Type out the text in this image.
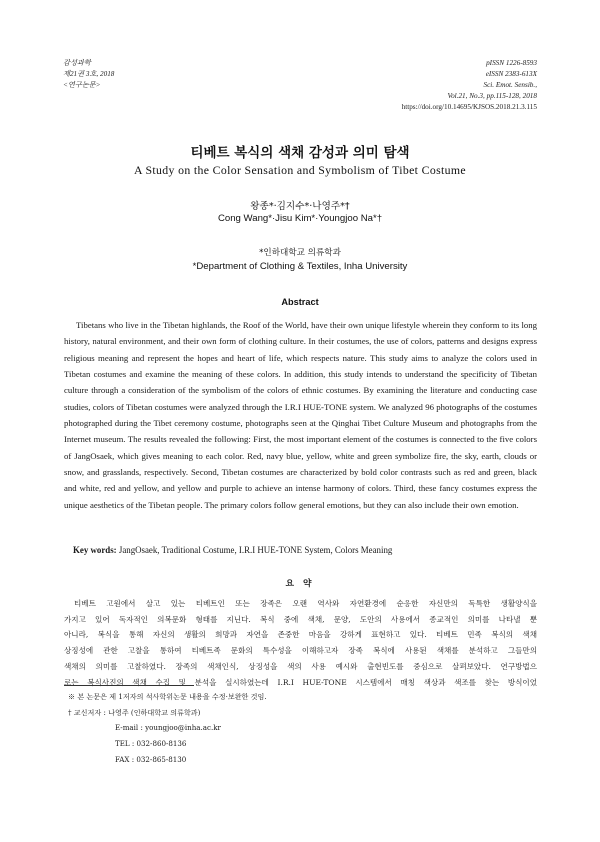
감성과학
제21권 3호, 2018
<연구논문>
pISSN 1226-8593
eISSN 2383-613X
Sci. Emot. Sensib.,
Vol.21, No.3, pp.115-128, 2018
https://doi.org/10.14695/KJSOS.2018.21.3.115
티베트 복식의 색채 감성과 의미 탐색
A Study on the Color Sensation and Symbolism of Tibet Costume
왕종*·김지수*·나영주*†
Cong Wang*·Jisu Kim*·Youngjoo Na*†
*인하대학교 의류학과
*Department of Clothing & Textiles, Inha University
Abstract

Tibetans who live in the Tibetan highlands, the Roof of the World, have their own unique lifestyle wherein they conform to its long history, natural environment, and their own form of clothing culture. In their costumes, the use of colors, patterns and designs express religious meaning and represent the hopes and heart of life, which respects nature. This study aims to analyze the colors used in Tibetan costumes and examine the meaning of these colors. In addition, this study intends to understand the specificity of Tibetan culture through a consideration of the symbolism of the colors of ethnic costumes. By examining the literature and conducting case studies, colors of Tibetan costumes were analyzed through the I.R.I HUE-TONE system. We analyzed 96 photographs of the costumes photographed during the Tibet ceremony costume, photographs seen at the Qinghai Tibet Culture Museum and photographs from the Internet museum. The results revealed the following: First, the most important element of the costumes is connected to the five colors of JangOsaek, which gives meaning to each color. Red, navy blue, yellow, white and green symbolize fire, the sky, earth, clouds or snow, and grasslands, respectively. Second, Tibetan costumes are characterized by bold color contrasts such as red and green, black and white, red and yellow, and yellow and purple to achieve an intense harmony of colors. Third, these fancy costumes express the unique aesthetics of the Tibetan people. The primary colors follow general emotions, but they can also include their own emotion.

Key words: JangOsaek, Traditional Costume, I.R.I HUE-TONE System, Colors Meaning
요 약
티베트 고원에서 살고 있는 티베트인 또는 장족은 오랜 역사와 자연환경에 순응한 자신만의 독특한 생활양식을
가지고 있어 독자적인 의복문화 형태를 지닌다. 복식 중에 색채, 문양, 도안의 사용에서 종교적인 의미를 나타낼 뿐
아니라, 복식을 통해 자신의 생활의 희망과 자연을 존중한 마음을 강하게 표현하고 있다. 티베트 민족 복식의 색채
상징성에 관한 고찰을 통하여 티베트족 문화의 특수성을 이해하고자 장족 복식에 사용된 색채를 분석하고 그들만의
색채의 의미를 고찰하였다. 장족의 색채인식, 상징성을 색의 사용 예시와 출현빈도를 중심으로 살펴보았다. 연구방법으
로는 복식사진의 색채 수집 및 분석을 실시하였는데 I.R.I HUE-TONE 시스템에서 매칭 색상과 색조를 찾는 방식이었
※ 본 논문은 제 1저자의 석사학위논문 내용을 수정·보완한 것임.
† 교신저자 : 나영주 (인하대학교 의류학과)
E-mail : youngjoo@inha.ac.kr
TEL : 032-860-8136
FAX : 032-865-8130
